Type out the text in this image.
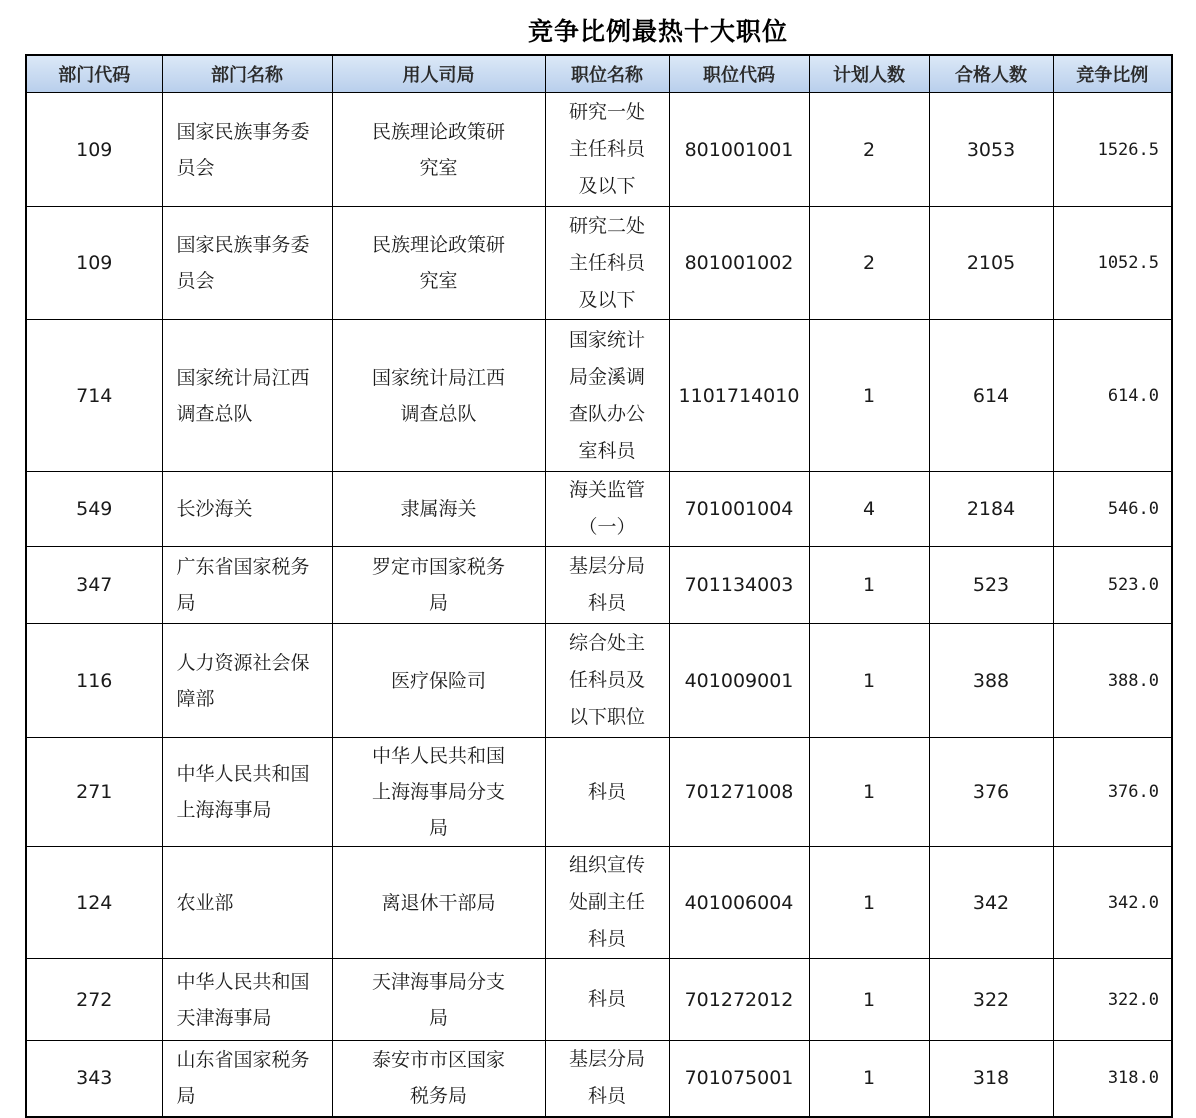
竞争比例最热十大职位
部门代码	部门名称	用人司局	职位名称	职位代码	计划人数	合格人数	竞争比例
109	国家民族事务委员会	民族理论政策研究室	研究一处主任科员及以下	801001001	2	3053	1526.5
109	国家民族事务委员会	民族理论政策研究室	研究二处主任科员及以下	801001002	2	2105	1052.5
714	国家统计局江西调查总队	国家统计局江西调查总队	国家统计局金溪调查队办公室科员	1101714010	1	614	614.0
549	长沙海关	隶属海关	海关监管（一）	701001004	4	2184	546.0
347	广东省国家税务局	罗定市国家税务局	基层分局科员	701134003	1	523	523.0
116	人力资源社会保障部	医疗保险司	综合处主任科员及以下职位	401009001	1	388	388.0
271	中华人民共和国上海海事局	中华人民共和国上海海事局分支局	科员	701271008	1	376	376.0
124	农业部	离退休干部局	组织宣传处副主任科员	401006004	1	342	342.0
272	中华人民共和国天津海事局	天津海事局分支局	科员	701272012	1	322	322.0
343	山东省国家税务局	泰安市市区国家税务局	基层分局科员	701075001	1	318	318.0
